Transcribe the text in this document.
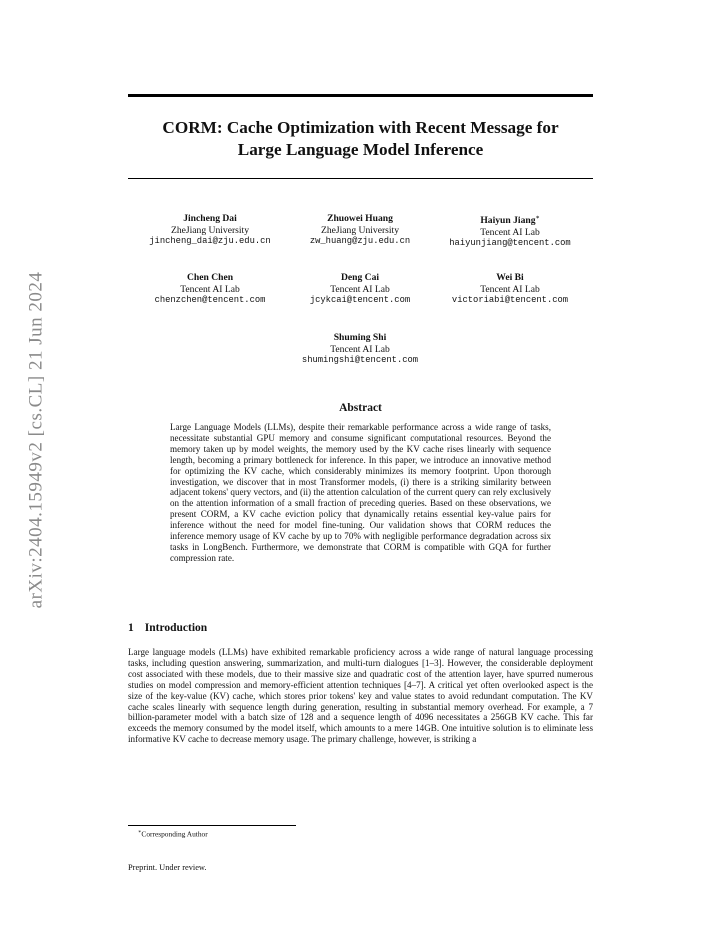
arXiv:2404.15949v2 [cs.CL] 21 Jun 2024
CORM: Cache Optimization with Recent Message for
Large Language Model Inference
Jincheng Dai
ZheJiang University
jincheng_dai@zju.edu.cn
Zhuowei Huang
ZheJiang University
zw_huang@zju.edu.cn
Haiyun Jiang∗
Tencent AI Lab
haiyunjiang@tencent.com
Chen Chen
Tencent AI Lab
chenzchen@tencent.com
Deng Cai
Tencent AI Lab
jcykcai@tencent.com
Wei Bi
Tencent AI Lab
victoriabi@tencent.com
Shuming Shi
Tencent AI Lab
shumingshi@tencent.com
Abstract
Large Language Models (LLMs), despite their remarkable performance across a wide range of tasks, necessitate substantial GPU memory and consume significant computational resources. Beyond the memory taken up by model weights, the memory used by the KV cache rises linearly with sequence length, becoming a primary bottleneck for inference. In this paper, we introduce an innovative method for optimizing the KV cache, which considerably minimizes its memory footprint. Upon thorough investigation, we discover that in most Transformer models, (i) there is a striking similarity between adjacent tokens' query vectors, and (ii) the attention calculation of the current query can rely exclusively on the attention information of a small fraction of preceding queries. Based on these observations, we present CORM, a KV cache eviction policy that dynamically retains essential key-value pairs for inference without the need for model fine-tuning. Our validation shows that CORM reduces the inference memory usage of KV cache by up to 70% with negligible performance degradation across six tasks in LongBench. Furthermore, we demonstrate that CORM is compatible with GQA for further compression rate.
1 Introduction
Large language models (LLMs) have exhibited remarkable proficiency across a wide range of natural language processing tasks, including question answering, summarization, and multi-turn dialogues [1–3]. However, the considerable deployment cost associated with these models, due to their massive size and quadratic cost of the attention layer, have spurred numerous studies on model compression and memory-efficient attention techniques [4–7]. A critical yet often overlooked aspect is the size of the key-value (KV) cache, which stores prior tokens' key and value states to avoid redundant computation. The KV cache scales linearly with sequence length during generation, resulting in substantial memory overhead. For example, a 7 billion-parameter model with a batch size of 128 and a sequence length of 4096 necessitates a 256GB KV cache. This far exceeds the memory consumed by the model itself, which amounts to a mere 14GB. One intuitive solution is to eliminate less informative KV cache to decrease memory usage. The primary challenge, however, is striking a
∗Corresponding Author
Preprint. Under review.
